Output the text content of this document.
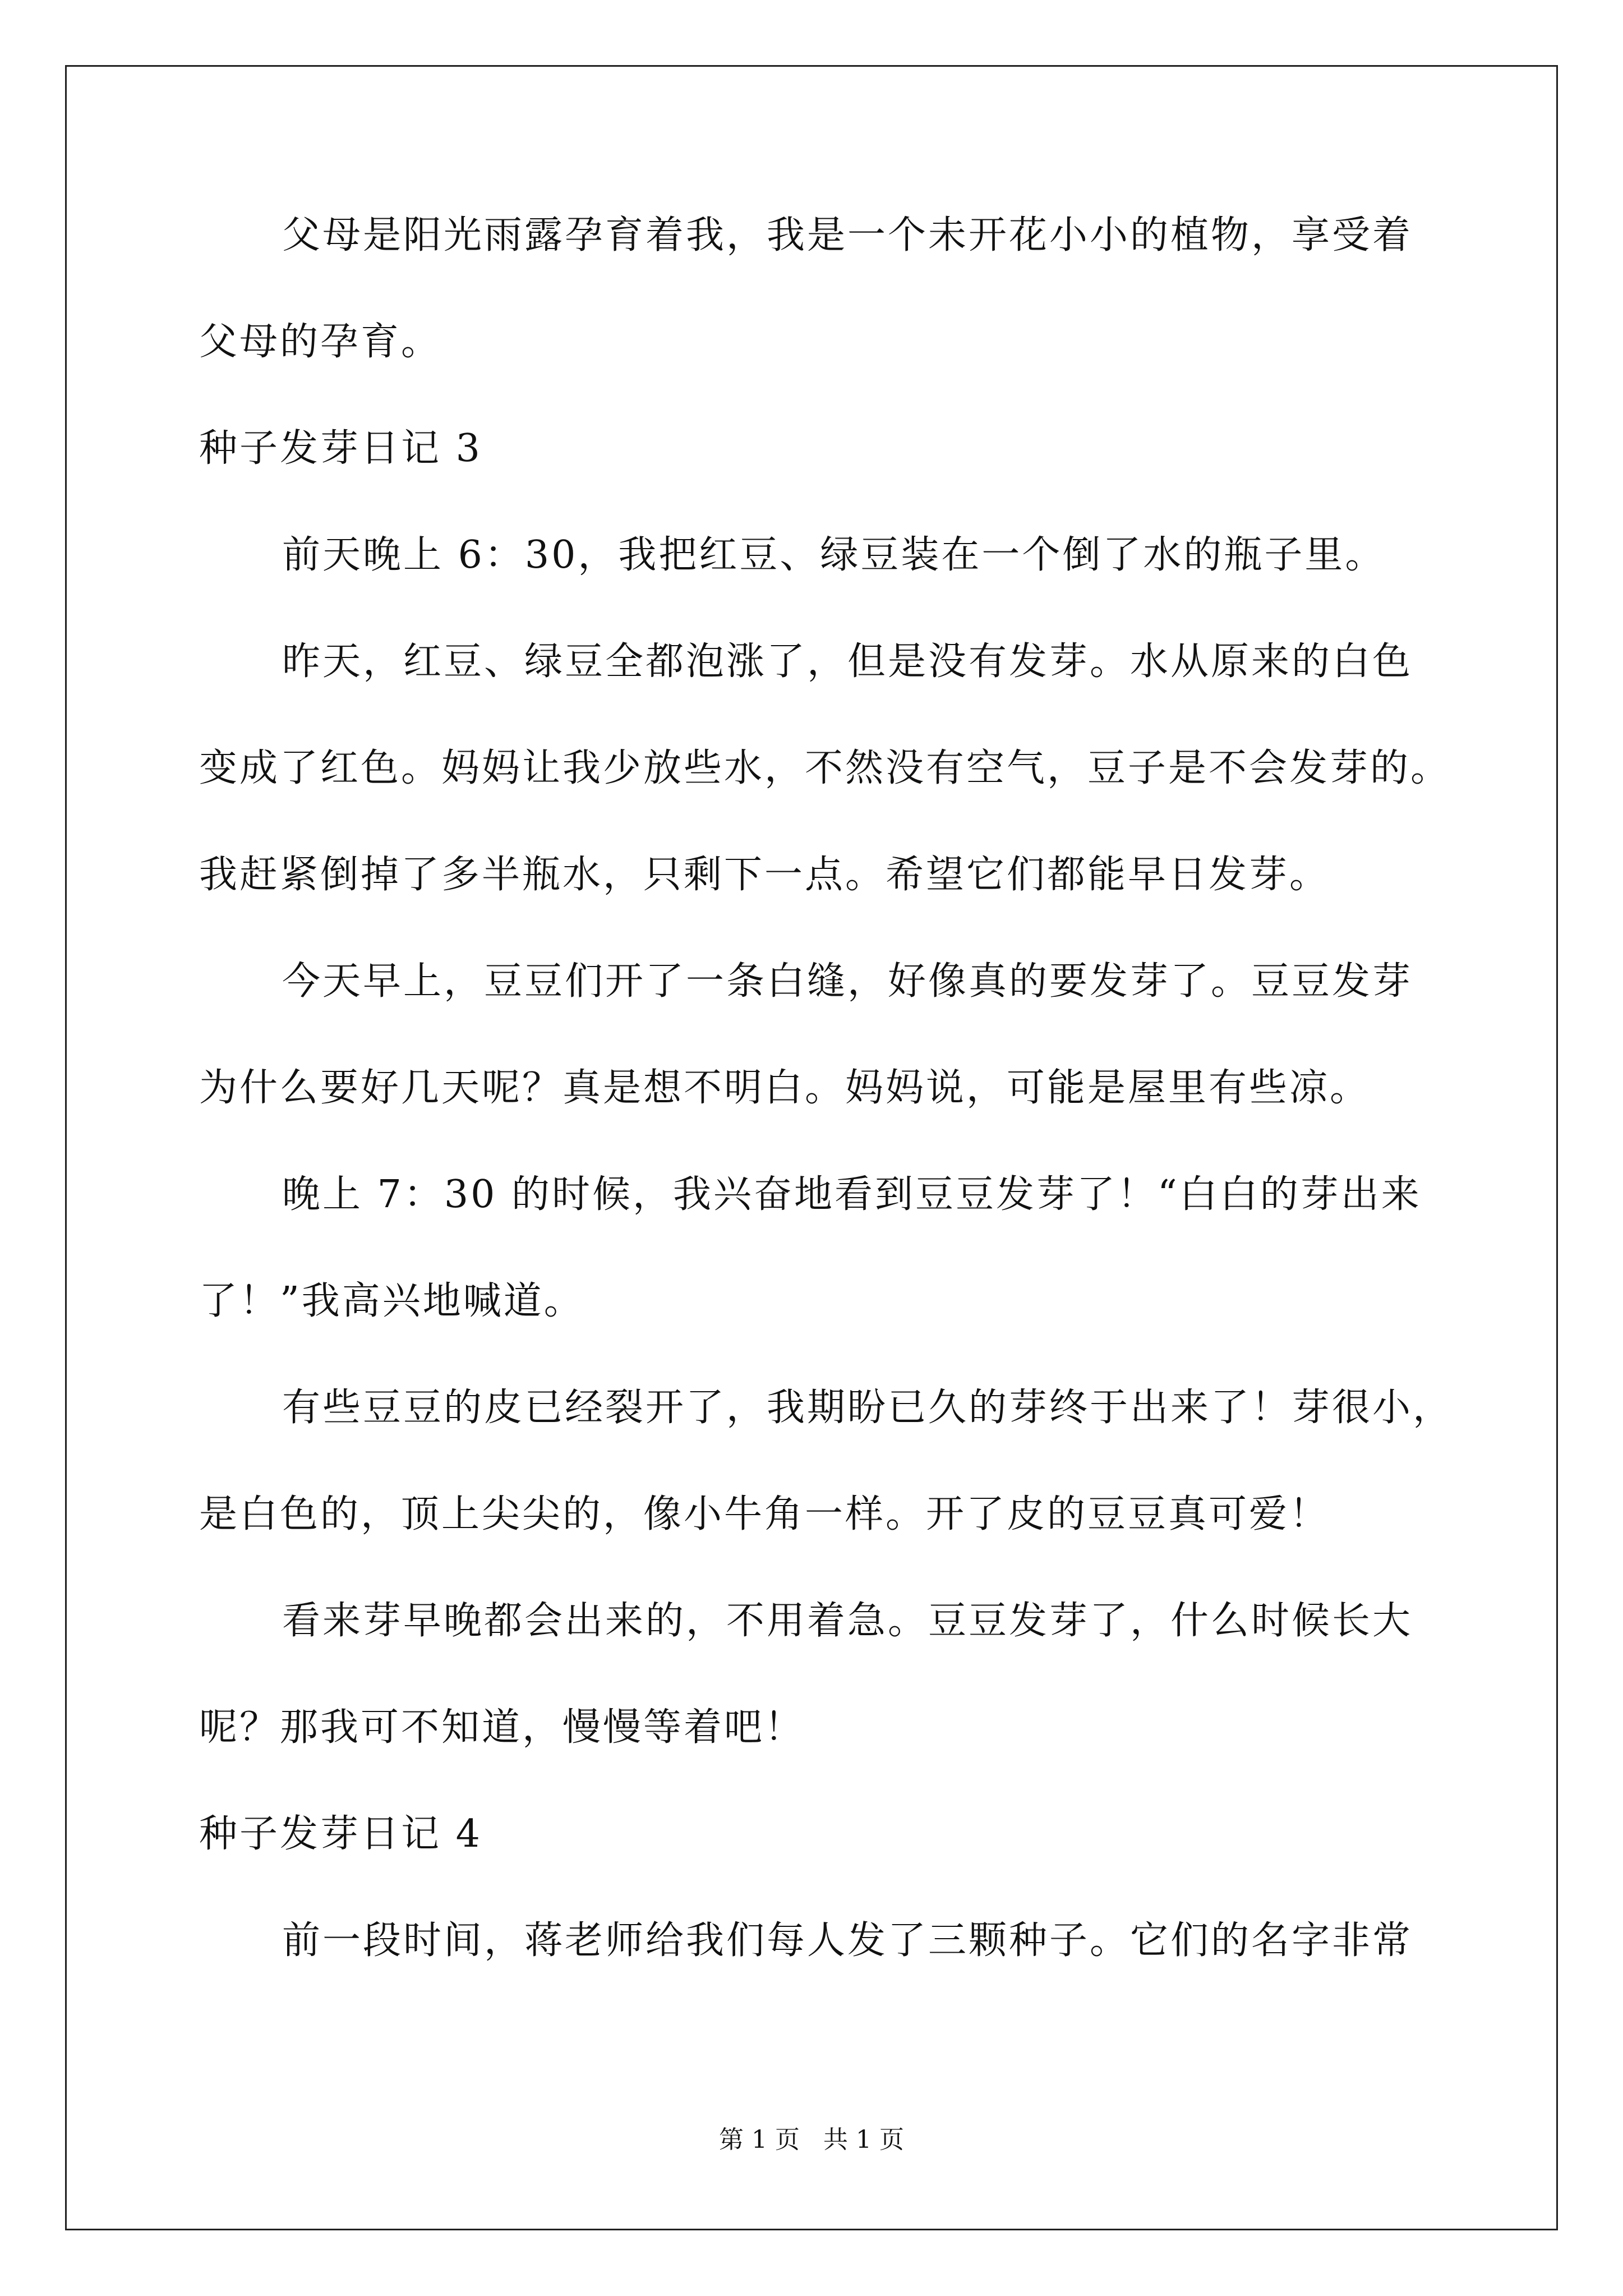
父母是阳光雨露孕育着我，我是一个未开花小小的植物，享受着
父母的孕育。
种子发芽日记 3
前天晚上 6：30，我把红豆、绿豆装在一个倒了水的瓶子里。
昨天，红豆、绿豆全都泡涨了，但是没有发芽。水从原来的白色
变成了红色。妈妈让我少放些水，不然没有空气，豆子是不会发芽的。
我赶紧倒掉了多半瓶水，只剩下一点。希望它们都能早日发芽。
今天早上，豆豆们开了一条白缝，好像真的要发芽了。豆豆发芽
为什么要好几天呢？真是想不明白。妈妈说，可能是屋里有些凉。
晚上 7：30 的时候，我兴奋地看到豆豆发芽了！“白白的芽出来
了！”我高兴地喊道。
有些豆豆的皮已经裂开了，我期盼已久的芽终于出来了！芽很小，
是白色的，顶上尖尖的，像小牛角一样。开了皮的豆豆真可爱！
看来芽早晚都会出来的，不用着急。豆豆发芽了，什么时候长大
呢？那我可不知道，慢慢等着吧！
种子发芽日记 4
前一段时间，蒋老师给我们每人发了三颗种子。它们的名字非常
第 1 页   共 1 页
